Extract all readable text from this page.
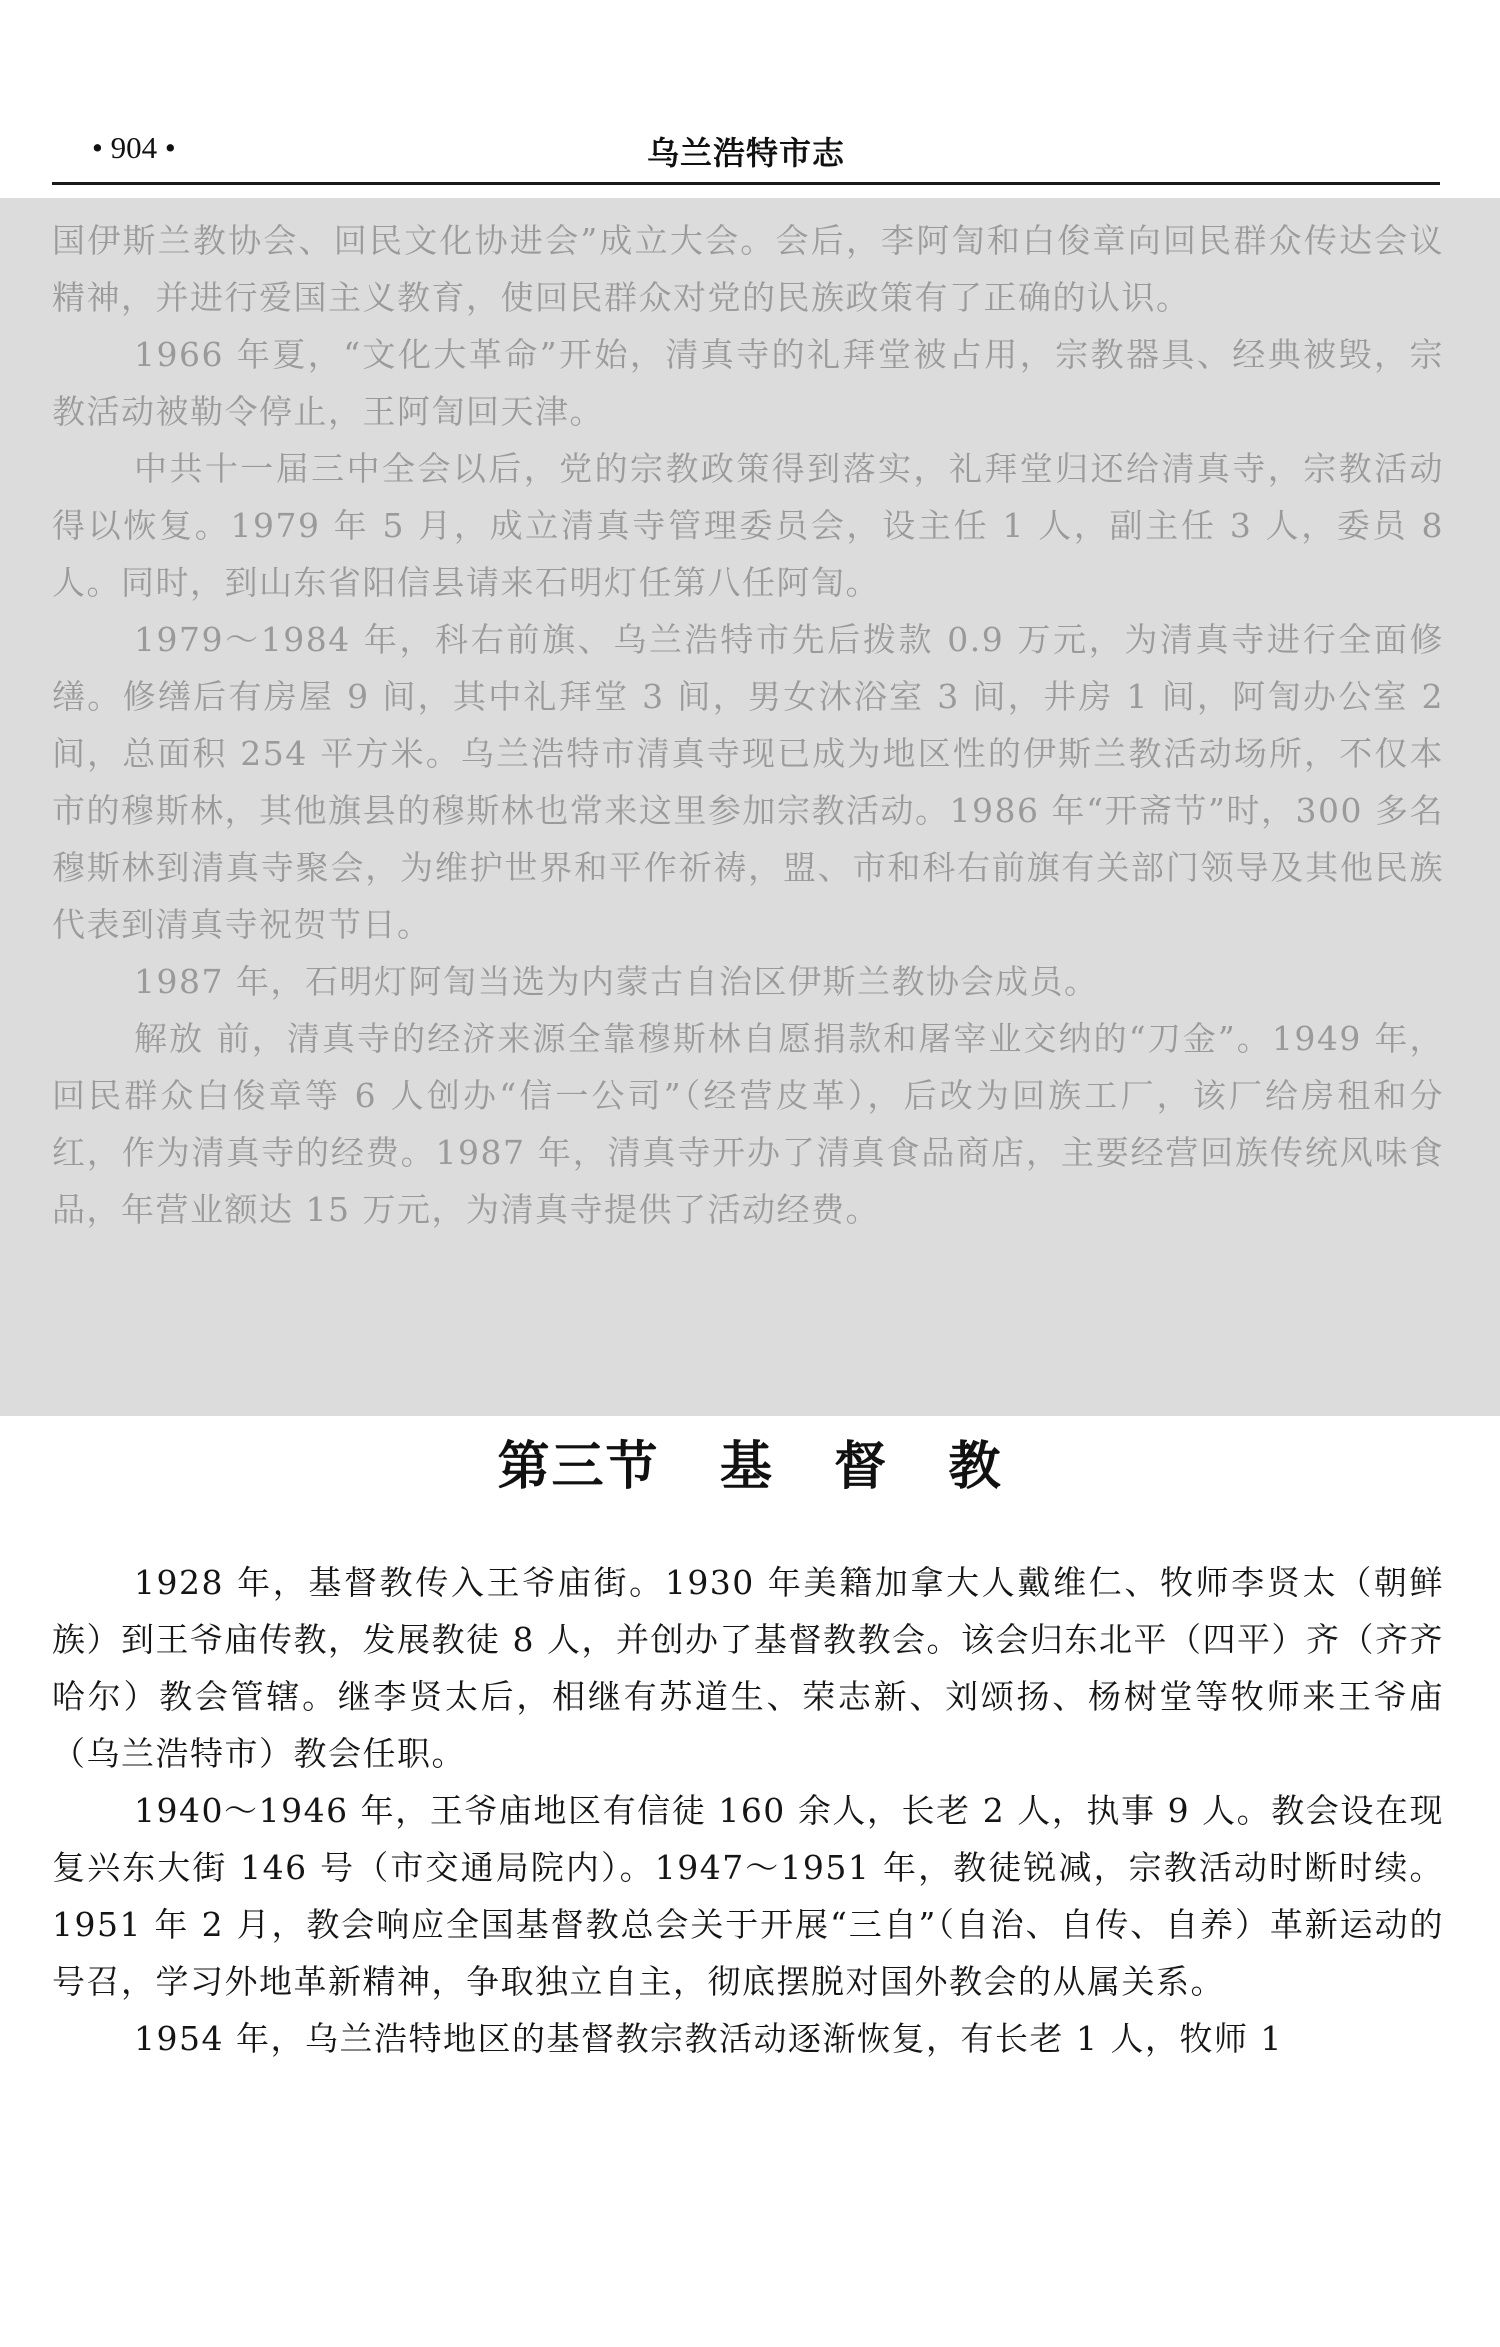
• 904 •	乌兰浩特市志

国伊斯兰教协会、回民文化协进会”成立大会。会后，李阿訇和白俊章向回民群众传达会议精神，并进行爱国主义教育，使回民群众对党的民族政策有了正确的认识。

1966 年夏，“文化大革命”开始，清真寺的礼拜堂被占用，宗教器具、经典被毁，宗教活动被勒令停止，王阿訇回天津。

中共十一届三中全会以后，党的宗教政策得到落实，礼拜堂归还给清真寺，宗教活动得以恢复。1979 年 5 月，成立清真寺管理委员会，设主任 1 人，副主任 3 人，委员 8 人。同时，到山东省阳信县请来石明灯任第八任阿訇。

1979～1984 年，科右前旗、乌兰浩特市先后拨款 0.9 万元，为清真寺进行全面修缮。修缮后有房屋 9 间，其中礼拜堂 3 间，男女沐浴室 3 间，井房 1 间，阿訇办公室 2 间，总面积 254 平方米。乌兰浩特市清真寺现已成为地区性的伊斯兰教活动场所，不仅本市的穆斯林，其他旗县的穆斯林也常来这里参加宗教活动。1986 年“开斋节”时，300 多名穆斯林到清真寺聚会，为维护世界和平作祈祷，盟、市和科右前旗有关部门领导及其他民族代表到清真寺祝贺节日。

1987 年，石明灯阿訇当选为内蒙古自治区伊斯兰教协会成员。

解放 前，清真寺的经济来源全靠穆斯林自愿捐款和屠宰业交纳的“刀金”。1949 年，回民群众白俊章等 6 人创办“信一公司”（经营皮革），后改为回族工厂，该厂给房租和分红，作为清真寺的经费。1987 年，清真寺开办了清真食品商店，主要经营回族传统风味食品，年营业额达 15 万元，为清真寺提供了活动经费。

第三节   基   督   教

1928 年，基督教传入王爷庙街。1930 年美籍加拿大人戴维仁、牧师李贤太（朝鲜族）到王爷庙传教，发展教徒 8 人，并创办了基督教教会。该会归东北平（四平）齐（齐齐哈尔）教会管辖。继李贤太后，相继有苏道生、荣志新、刘颂扬、杨树堂等牧师来王爷庙（乌兰浩特市）教会任职。

1940～1946 年，王爷庙地区有信徒 160 余人，长老 2 人，执事 9 人。教会设在现复兴东大街 146 号（市交通局院内）。1947～1951 年，教徒锐减，宗教活动时断时续。1951 年 2 月，教会响应全国基督教总会关于开展“三自”（自治、自传、自养）革新运动的号召，学习外地革新精神，争取独立自主，彻底摆脱对国外教会的从属关系。

1954 年，乌兰浩特地区的基督教宗教活动逐渐恢复，有长老 1 人，牧师 1
